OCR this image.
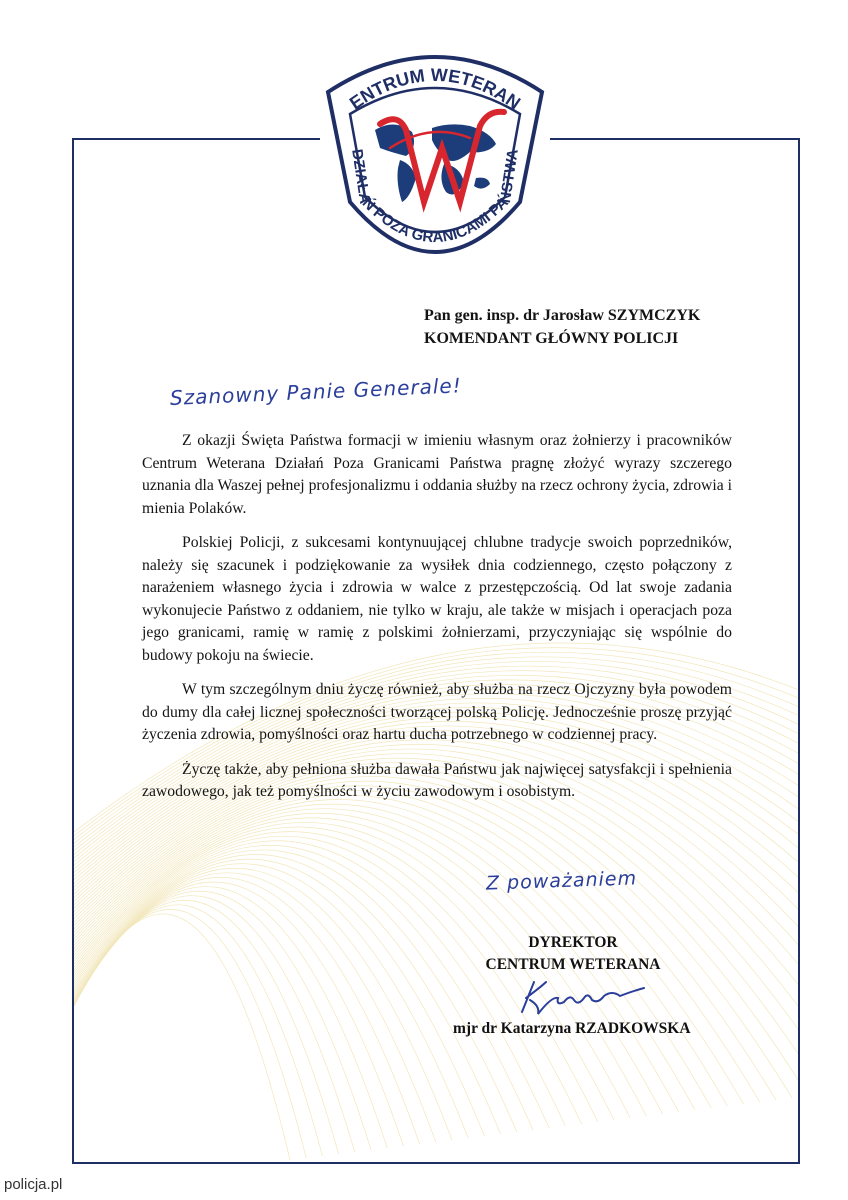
ENTRUM WETERAN
DZIAŁAŃ POZA GRANICAMI PAŃSTWA
Pan gen. insp. dr Jarosław SZYMCZYK
KOMENDANT GŁÓWNY POLICJI
Szanowny Panie Generale!

Z okazji Święta Państwa formacji w imieniu własnym oraz żołnierzy i pracowników Centrum Weterana Działań Poza Granicami Państwa pragnę złożyć wyrazy szczerego uznania dla Waszej pełnej profesjonalizmu i oddania służby na rzecz ochrony życia, zdrowia i mienia Polaków.

Polskiej Policji, z sukcesami kontynuującej chlubne tradycje swoich poprzedników, należy się szacunek i podziękowanie za wysiłek dnia codziennego, często połączony z narażeniem własnego życia i zdrowia w walce z przestępczością. Od lat swoje zadania wykonujecie Państwo z oddaniem, nie tylko w kraju, ale także w misjach i operacjach poza jego granicami, ramię w ramię z polskimi żołnierzami, przyczyniając się wspólnie do budowy pokoju na świecie.

W tym szczególnym dniu życzę również, aby służba na rzecz Ojczyzny była powodem do dumy dla całej licznej społeczności tworzącej polską Policję. Jednocześnie proszę przyjąć życzenia zdrowia, pomyślności oraz hartu ducha potrzebnego w codziennej pracy.

Życzę także, aby pełniona służba dawała Państwu jak najwięcej satysfakcji i spełnienia zawodowego, jak też pomyślności w życiu zawodowym i osobistym.

Z poważaniem
DYREKTOR
CENTRUM WETERANA
mjr dr Katarzyna RZADKOWSKA
policja.pl
